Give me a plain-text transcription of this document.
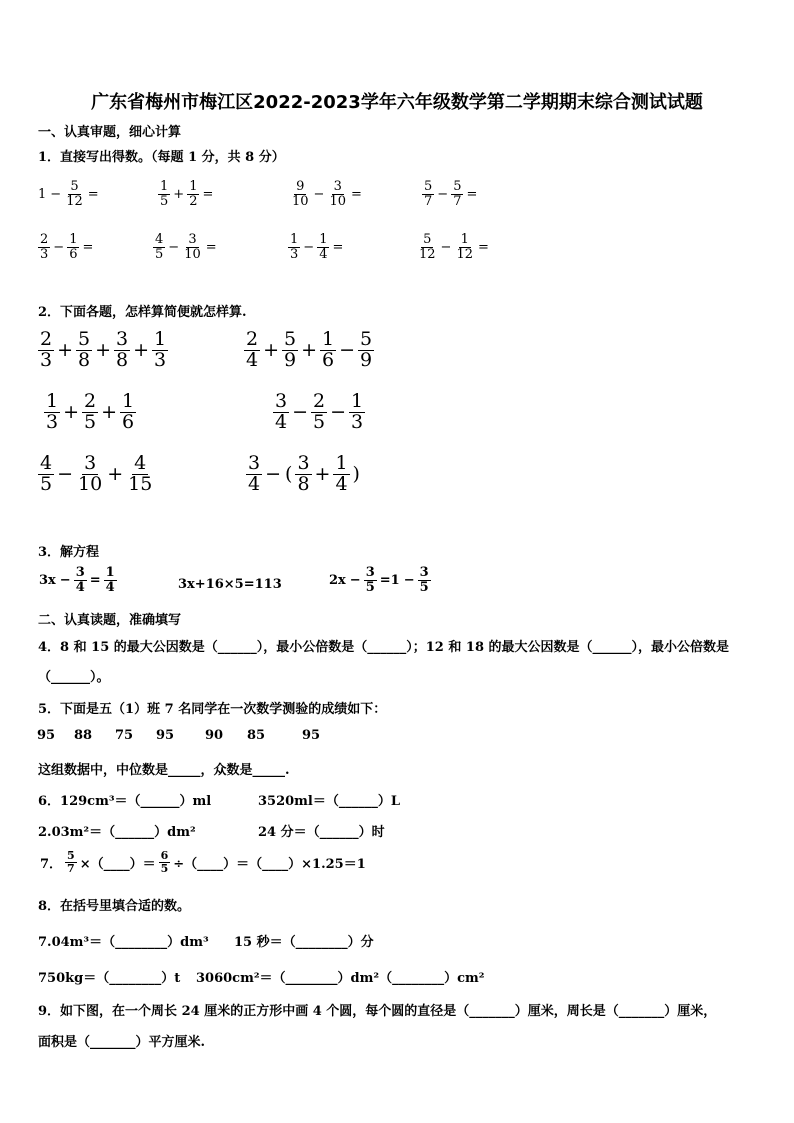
广东省梅州市梅江区2022-2023学年六年级数学第二学期期末综合测试试题
一、认真审题，细心计算
1．直接写出得数。（每题 1 分，共 8 分）
$1 - \frac{5}{12}$ =	$\frac{1}{5} + \frac{1}{2}$ =	$\frac{9}{10} - \frac{3}{10}$ =	$\frac{5}{7} - \frac{5}{7}$ =
$\frac{2}{3} - \frac{1}{6}$ =	$\frac{4}{5} - \frac{3}{10}$ =	$\frac{1}{3} - \frac{1}{4}$ =	$\frac{5}{12} - \frac{1}{12}$ =
2．下面各题，怎样算简便就怎样算.
$\frac{2}{3} + \frac{5}{8} + \frac{3}{8} + \frac{1}{3}$	$\frac{2}{4} + \frac{5}{9} + \frac{1}{6} - \frac{5}{9}$
$\frac{1}{3} + \frac{2}{5} + \frac{1}{6}$	$\frac{3}{4} - \frac{2}{5} - \frac{1}{3}$
$\frac{4}{5} - \frac{3}{10} + \frac{4}{15}$	$\frac{3}{4}$ − ( $\frac{3}{8} + \frac{1}{4}$ )
3．解方程
$3x - \frac{3}{4} = \frac{1}{4}$	3x+16×5=113	$2x - \frac{3}{5} =1 - \frac{3}{5}$
二、认真读题，准确填写
4．8 和 15 的最大公因数是（______），最小公倍数是（______）；12 和 18 的最大公因数是（______），最小公倍数是
（______）。
5．下面是五（1）班 7 名同学在一次数学测验的成绩如下：
95 88 75 95 90 85	95
这组数据中，中位数是_____，众数是_____.
6．129cm³＝（______）ml	3520ml＝（______）L
2.03m²＝（______）dm²	24 分＝（______）时
7． $\frac{5}{7}$ ×（____）＝ $\frac{6}{5}$ ÷（____）＝（____）×1.25＝1
8．在括号里填合适的数。
7.04m³＝（________）dm³ 15 秒＝（________）分
750kg＝（________）t 3060cm²＝（________）dm²（________）cm²
9．如下图，在一个周长 24 厘米的正方形中画 4 个圆，每个圆的直径是（_______）厘米，周长是（_______）厘米，
面积是（_______）平方厘米.
